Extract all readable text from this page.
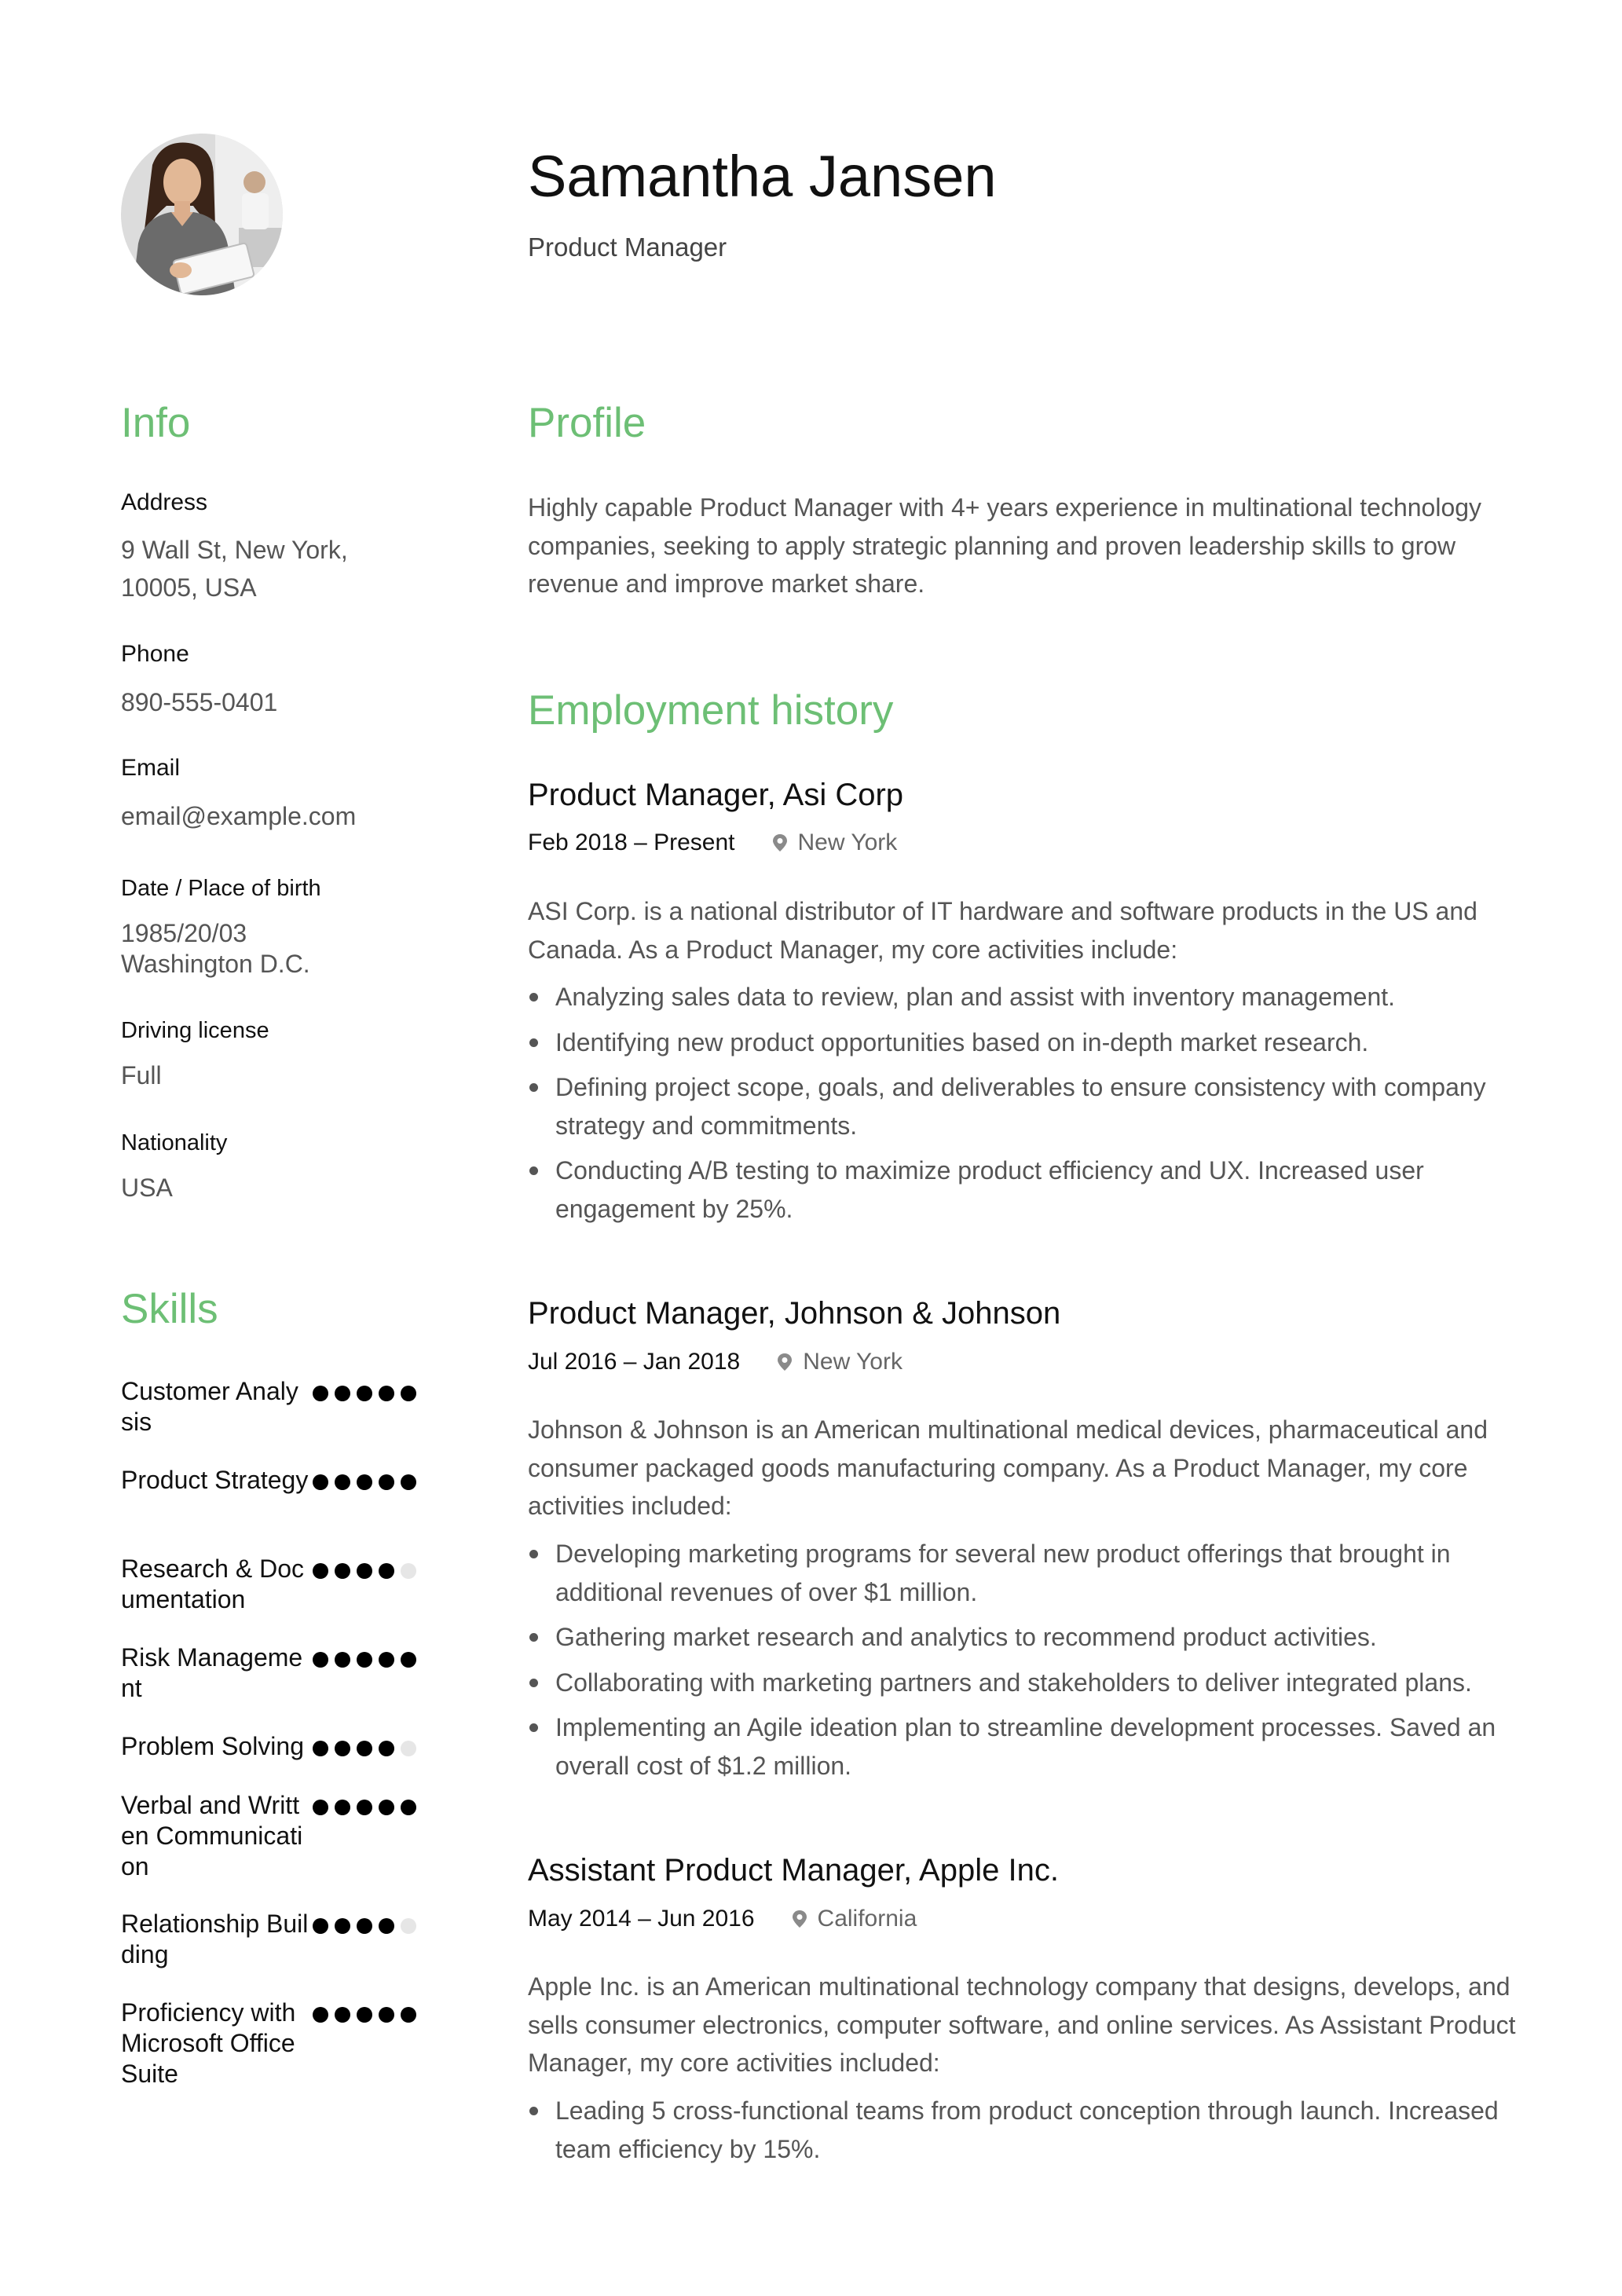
Samantha Jansen
Product Manager
Info
Address
9 Wall St, New York,
10005, USA
Phone
890-555-0401
Email
email@example.com
Date / Place of birth
1985/20/03
Washington D.C.
Driving license
Full
Nationality
USA
Skills
Customer Analysis
Product Strategy
Research & Documentation
Risk Management
Problem Solving
Verbal and Written Communication
Relationship Building
Proficiency with Microsoft Office Suite
Profile
Highly capable Product Manager with 4+ years experience in multinational technology companies, seeking to apply strategic planning and proven leadership skills to grow revenue and improve market share.
Employment history
Product Manager, Asi Corp
Feb 2018 – Present	New York
ASI Corp. is a national distributor of IT hardware and software products in the US and Canada. As a Product Manager, my core activities include:
Analyzing sales data to review, plan and assist with inventory management.
Identifying new product opportunities based on in-depth market research.
Defining project scope, goals, and deliverables to ensure consistency with company strategy and commitments.
Conducting A/B testing to maximize product efficiency and UX. Increased user engagement by 25%.
Product Manager, Johnson & Johnson
Jul 2016 – Jan 2018	New York
Johnson & Johnson is an American multinational medical devices, pharmaceutical and consumer packaged goods manufacturing company. As a Product Manager, my core activities included:
Developing marketing programs for several new product offerings that brought in additional revenues of over $1 million.
Gathering market research and analytics to recommend product activities.
Collaborating with marketing partners and stakeholders to deliver integrated plans.
Implementing an Agile ideation plan to streamline development processes. Saved an overall cost of $1.2 million.
Assistant Product Manager, Apple Inc.
May 2014 – Jun 2016	California
Apple Inc. is an American multinational technology company that designs, develops, and sells consumer electronics, computer software, and online services. As Assistant Product Manager, my core activities included:
Leading 5 cross-functional teams from product conception through launch. Increased team efficiency by 15%.
